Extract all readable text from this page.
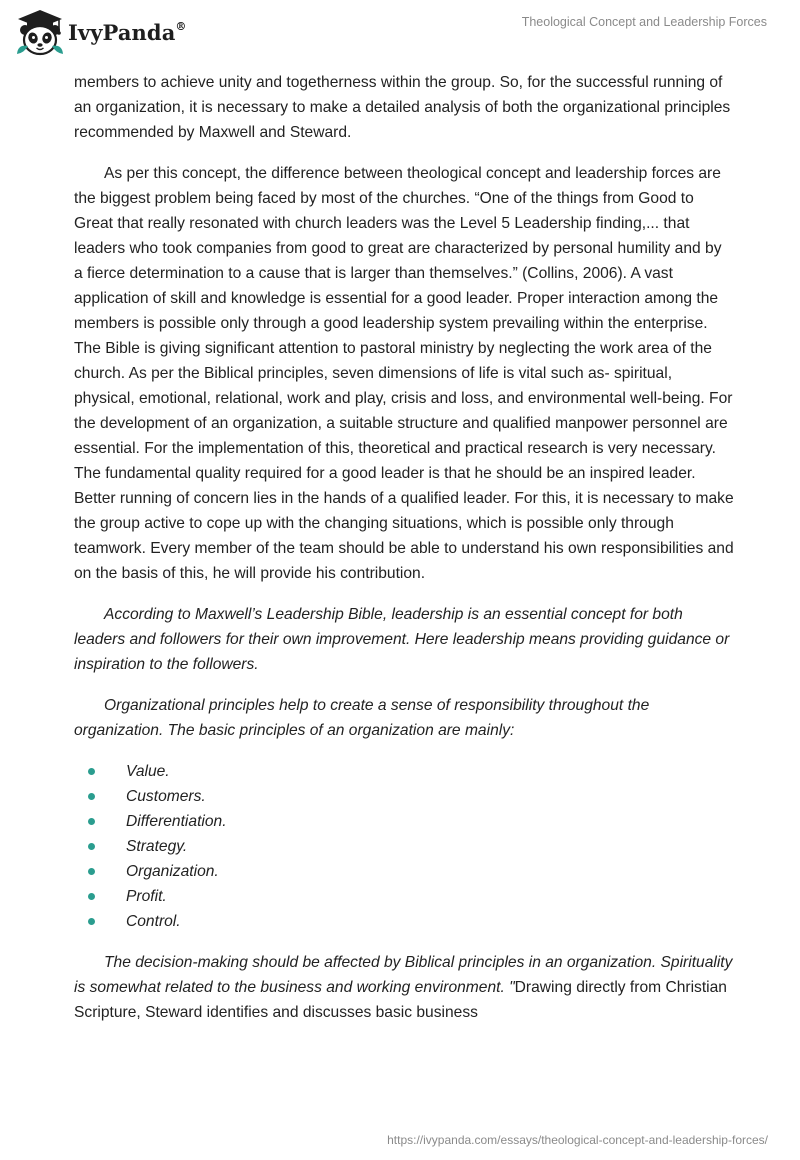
IvyPanda®	Theological Concept and Leadership Forces

members to achieve unity and togetherness within the group. So, for the successful running of an organization, it is necessary to make a detailed analysis of both the organizational principles recommended by Maxwell and Steward.

As per this concept, the difference between theological concept and leadership forces are the biggest problem being faced by most of the churches. “One of the things from Good to Great that really resonated with church leaders was the Level 5 Leadership finding,... that leaders who took companies from good to great are characterized by personal humility and by a fierce determination to a cause that is larger than themselves.” (Collins, 2006). A vast application of skill and knowledge is essential for a good leader. Proper interaction among the members is possible only through a good leadership system prevailing within the enterprise. The Bible is giving significant attention to pastoral ministry by neglecting the work area of the church. As per the Biblical principles, seven dimensions of life is vital such as- spiritual, physical, emotional, relational, work and play, crisis and loss, and environmental well-being. For the development of an organization, a suitable structure and qualified manpower personnel are essential. For the implementation of this, theoretical and practical research is very necessary. The fundamental quality required for a good leader is that he should be an inspired leader. Better running of concern lies in the hands of a qualified leader. For this, it is necessary to make the group active to cope up with the changing situations, which is possible only through teamwork. Every member of the team should be able to understand his own responsibilities and on the basis of this, he will provide his contribution.

According to Maxwell’s Leadership Bible, leadership is an essential concept for both leaders and followers for their own improvement. Here leadership means providing guidance or inspiration to the followers.

Organizational principles help to create a sense of responsibility throughout the organization. The basic principles of an organization are mainly:

Value.
Customers.
Differentiation.
Strategy.
Organization.
Profit.
Control.

The decision-making should be affected by Biblical principles in an organization. Spirituality is somewhat related to the business and working environment. "Drawing directly from Christian Scripture, Steward identifies and discusses basic business

https://ivypanda.com/essays/theological-concept-and-leadership-forces/
